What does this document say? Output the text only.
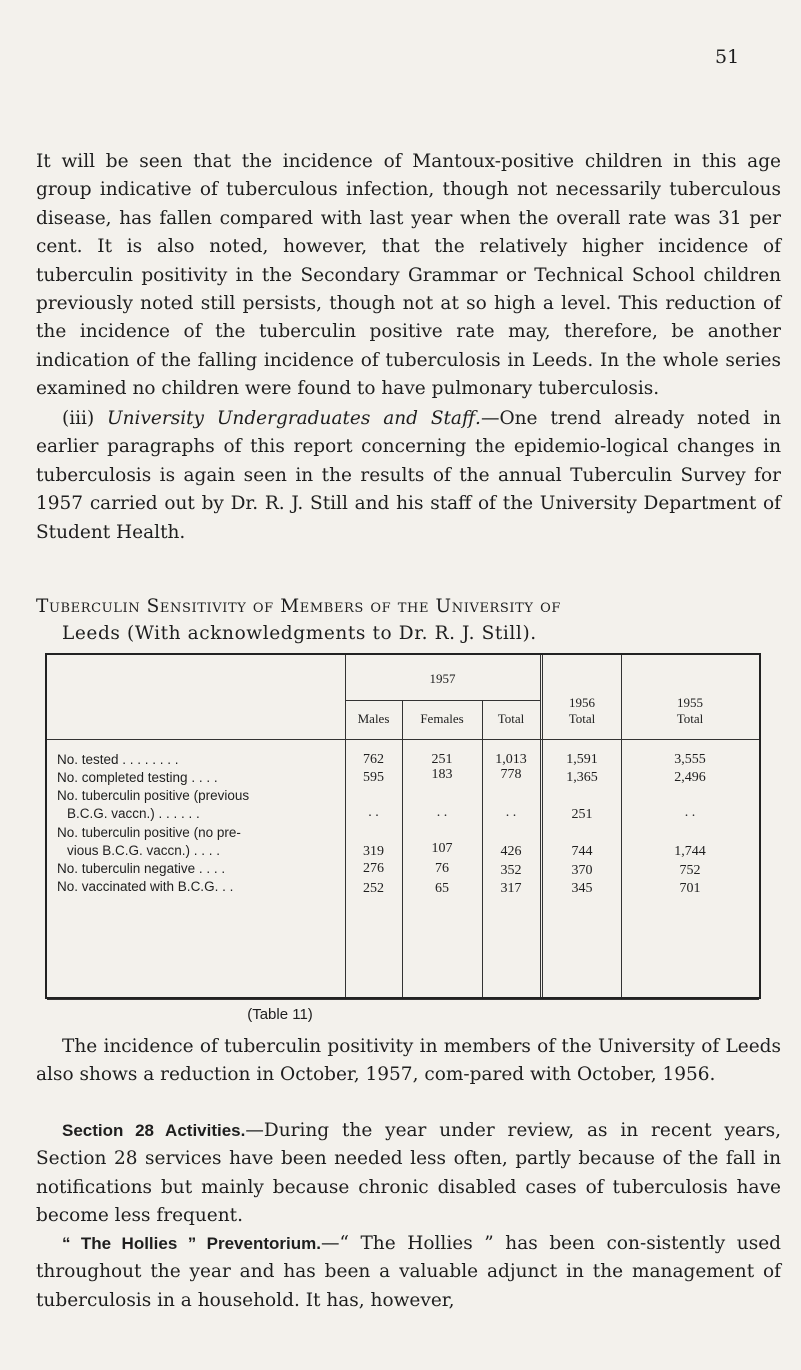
51

It will be seen that the incidence of Mantoux-positive children in this age group indicative of tuberculous infection, though not necessarily tuberculous disease, has fallen compared with last year when the overall rate was 31 per cent. It is also noted, however, that the relatively higher incidence of tuberculin positivity in the Secondary Grammar or Technical School children previously noted still persists, though not at so high a level. This reduction of the incidence of the tuberculin positive rate may, therefore, be another indication of the falling incidence of tuberculosis in Leeds. In the whole series examined no children were found to have pulmonary tuberculosis.

(iii) University Undergraduates and Staff.—One trend already noted in earlier paragraphs of this report concerning the epidemio-logical changes in tuberculosis is again seen in the results of the annual Tuberculin Survey for 1957 carried out by Dr. R. J. Still and his staff of the University Department of Student Health.

Tuberculin Sensitivity of Members of the University of
Leeds (With acknowledgments to Dr. R. J. Still).

1957
Males	Females	Total
1956
Total
1955
Total
No. tested . . . . . . . .	762	251	1,013	1,591	3,555
No. completed testing . . . .	595	183	778	1,365	2,496
No. tuberculin positive (previous
B.C.G. vaccn.) . . . . . .	. .	. .	. .	251	. .
No. tuberculin positive (no pre-
vious B.C.G. vaccn.) . . . .	319	107	426	744	1,744
No. tuberculin negative . . . .	276	76	352	370	752
No. vaccinated with B.C.G. . .	252	65	317	345	701
(Table 11)

The incidence of tuberculin positivity in members of the University of Leeds also shows a reduction in October, 1957, com-pared with October, 1956.

Section 28 Activities.—During the year under review, as in recent years, Section 28 services have been needed less often, partly because of the fall in notifications but mainly because chronic disabled cases of tuberculosis have become less frequent.

“ The Hollies ” Preventorium.—“ The Hollies ” has been con-sistently used throughout the year and has been a valuable adjunct in the management of tuberculosis in a household. It has, however,
